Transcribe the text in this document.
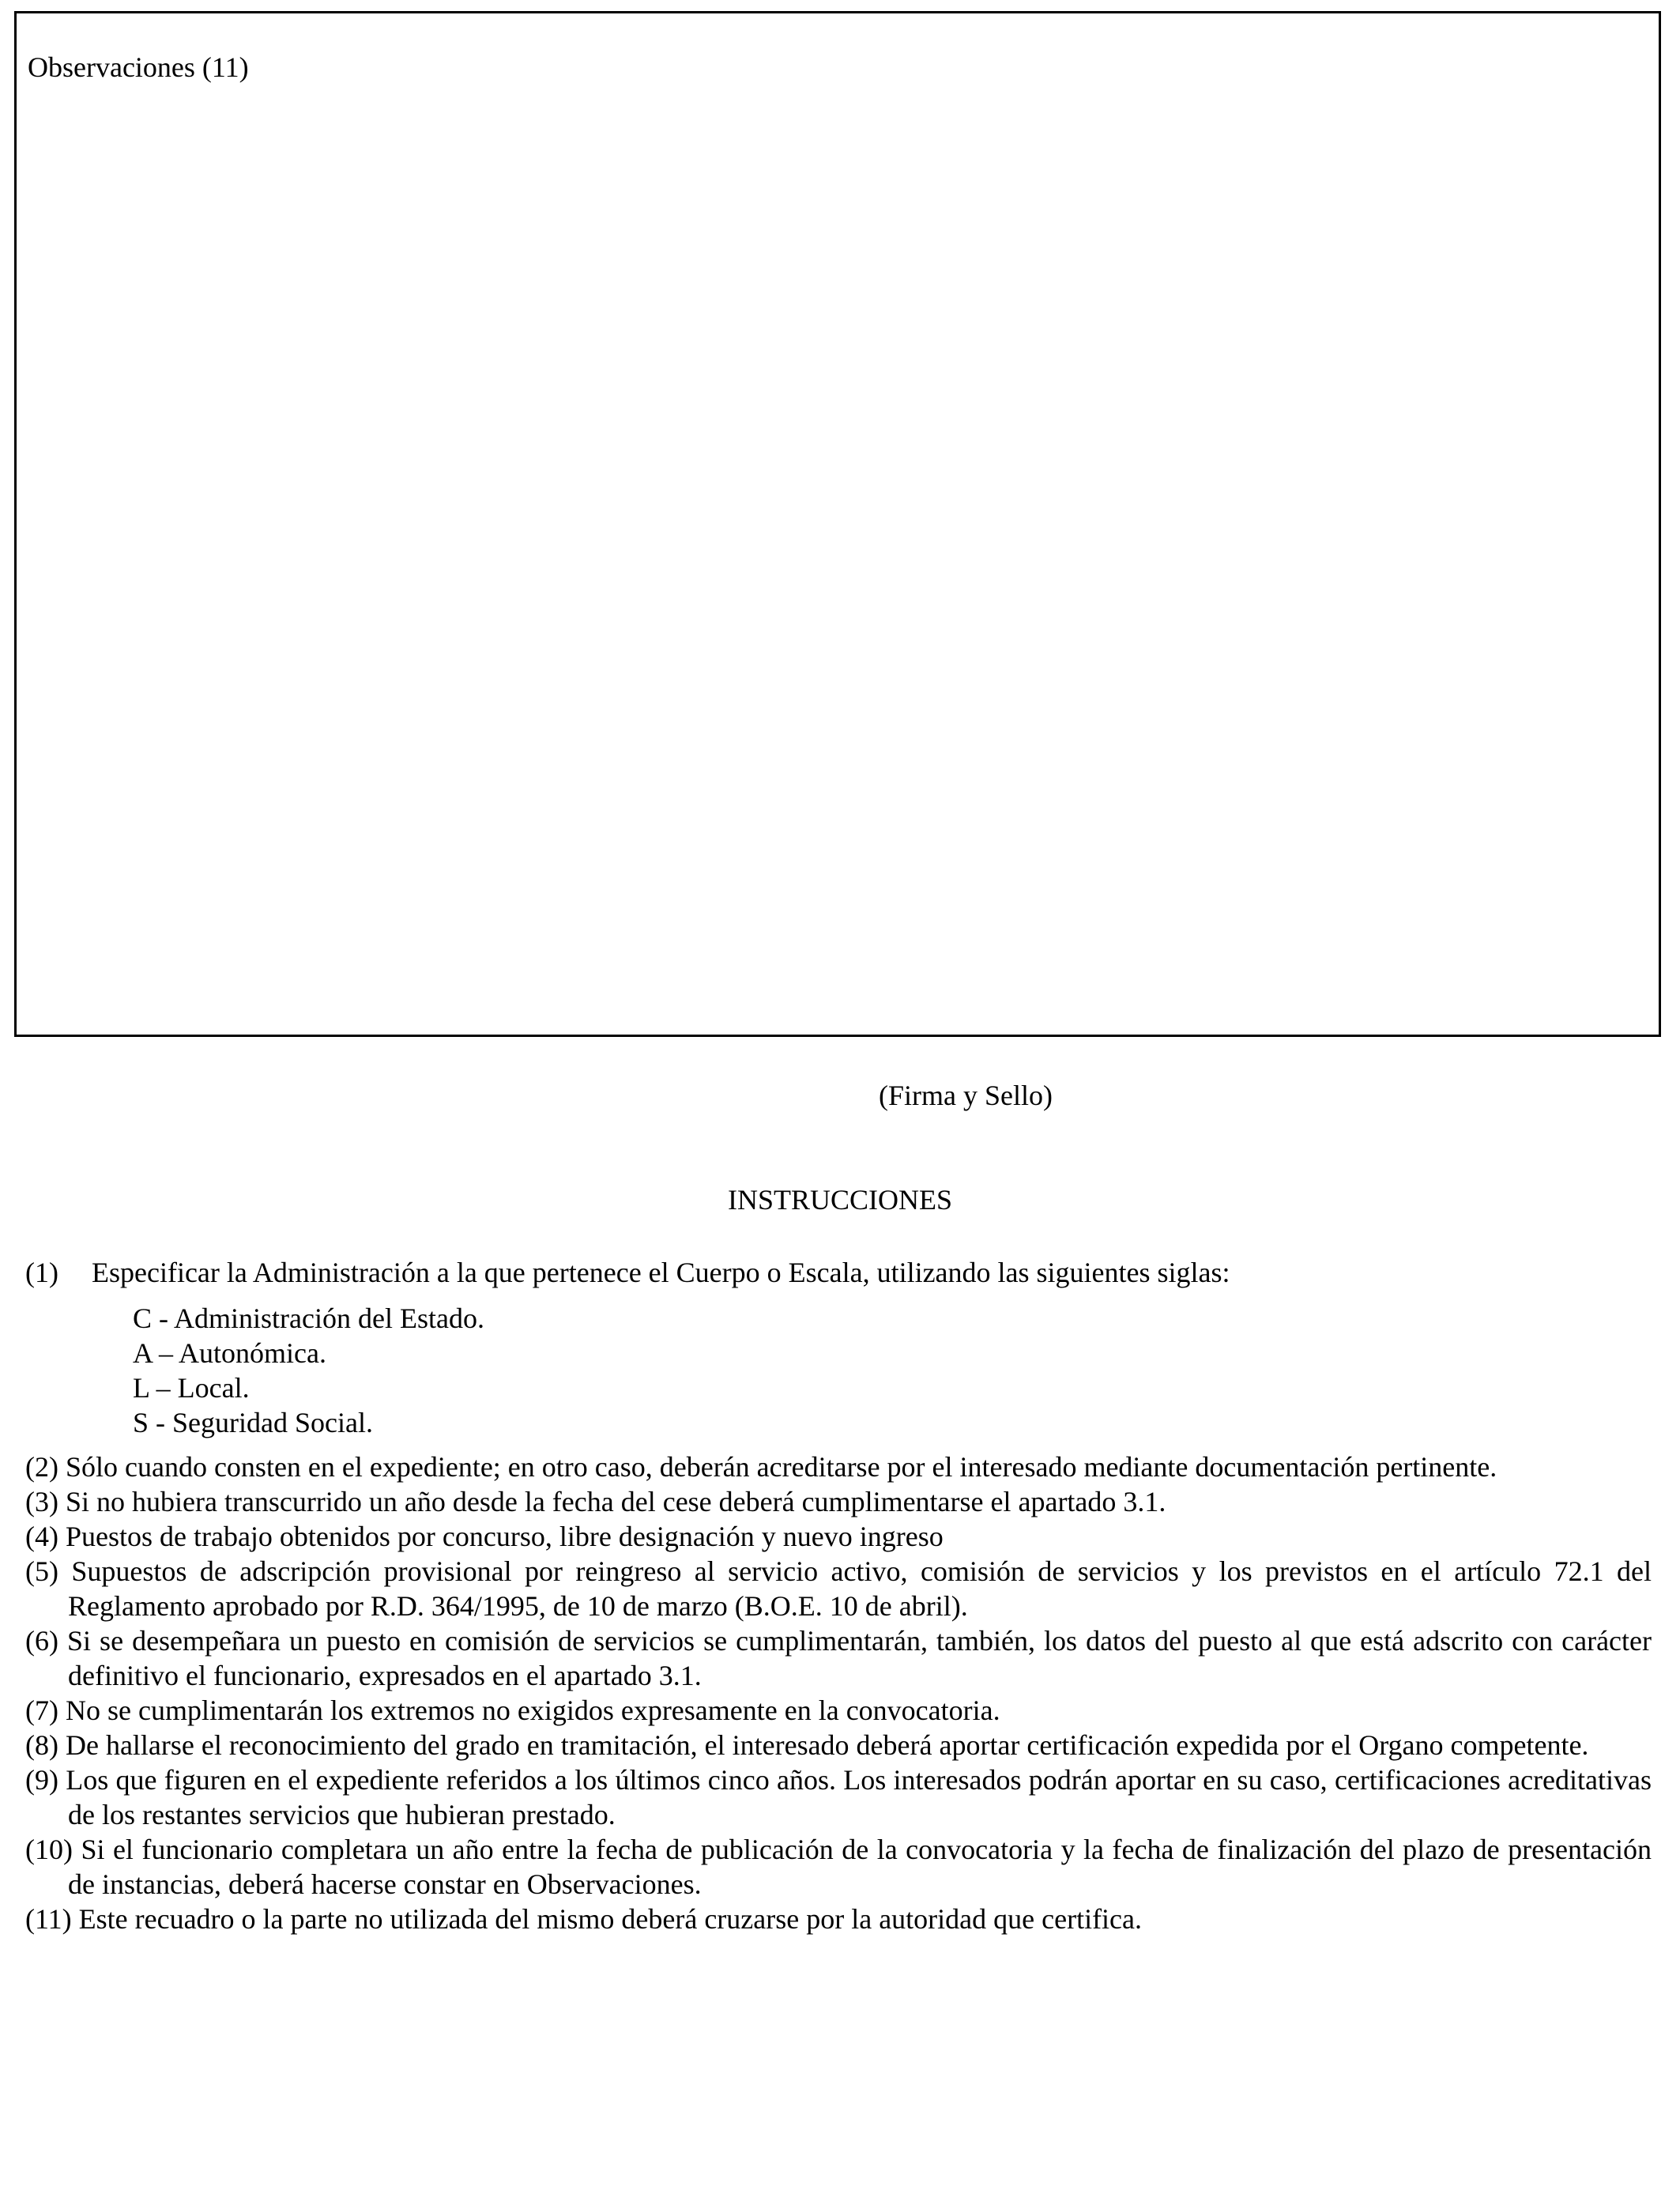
Observaciones (11)
(Firma y Sello)
INSTRUCCIONES
(1) Especificar la Administración a la que pertenece el Cuerpo o Escala, utilizando las siguientes siglas:
C - Administración del Estado.
A – Autonómica.
L – Local.
S - Seguridad Social.
(2) Sólo cuando consten en el expediente; en otro caso, deberán acreditarse por el interesado mediante documentación pertinente.
(3) Si no hubiera transcurrido un año desde la fecha del cese deberá cumplimentarse el apartado 3.1.
(4) Puestos de trabajo obtenidos por concurso, libre designación y nuevo ingreso
(5) Supuestos de adscripción provisional por reingreso al servicio activo, comisión de servicios y los previstos en el artículo 72.1 del Reglamento aprobado por R.D. 364/1995, de 10 de marzo (B.O.E. 10 de abril).
(6) Si se desempeñara un puesto en comisión de servicios se cumplimentarán, también, los datos del puesto al que está adscrito con carácter definitivo el funcionario, expresados en el apartado 3.1.
(7) No se cumplimentarán los extremos no exigidos expresamente en la convocatoria.
(8) De hallarse el reconocimiento del grado en tramitación, el interesado deberá aportar certificación expedida por el Organo competente.
(9) Los que figuren en el expediente referidos a los últimos cinco años. Los interesados podrán aportar en su caso, certificaciones acreditativas de los restantes servicios que hubieran prestado.
(10) Si el funcionario completara un año entre la fecha de publicación de la convocatoria y la fecha de finalización del plazo de presentación de instancias, deberá hacerse constar en Observaciones.
(11) Este recuadro o la parte no utilizada del mismo deberá cruzarse por la autoridad que certifica.
